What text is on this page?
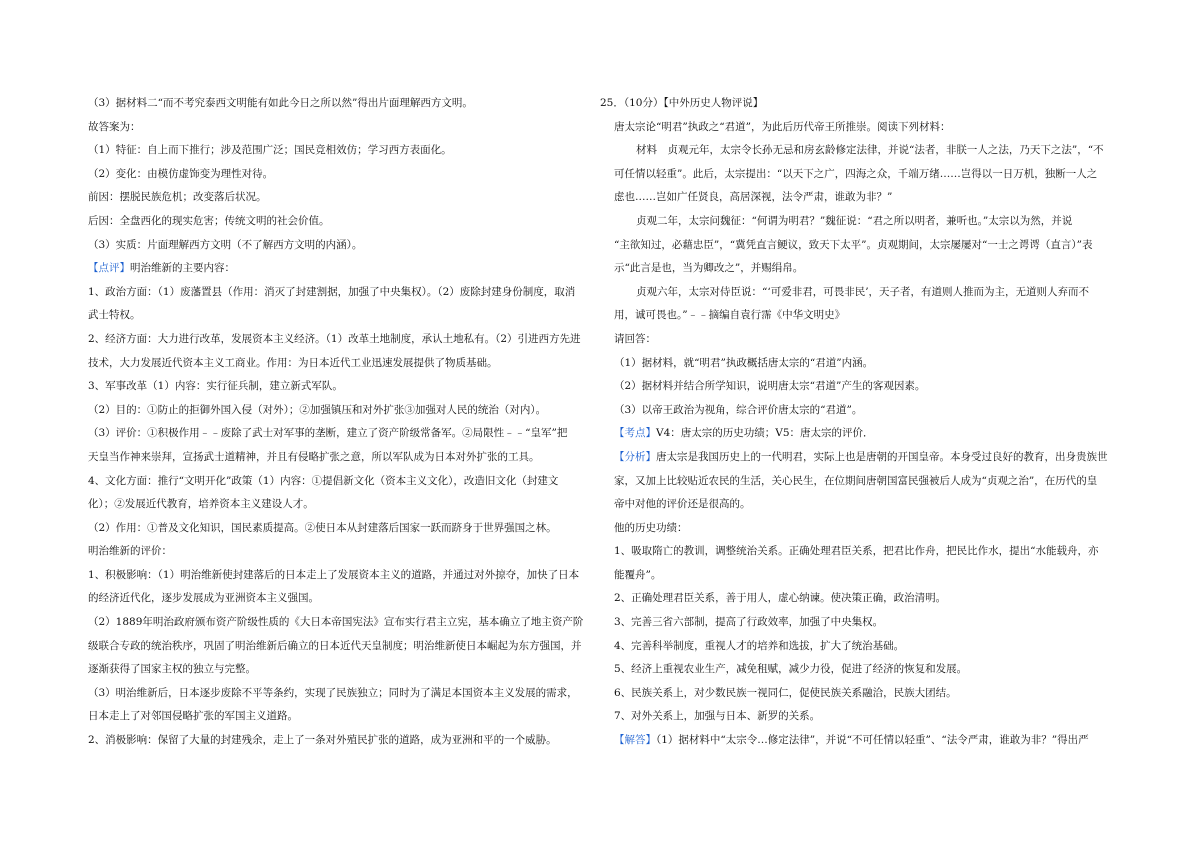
（3）据材料二“而不考究泰西文明能有如此今日之所以然”得出片面理解西方文明。
故答案为：
（1）特征：自上而下推行；涉及范围广泛；国民竞相效仿；学习西方表面化。
（2）变化：由模仿虚饰变为理性对待。
前因：摆脱民族危机；改变落后状况。
后因：全盘西化的现实危害；传统文明的社会价值。
（3）实质：片面理解西方文明（不了解西方文明的内涵）。
【点评】明治维新的主要内容：
1、政治方面：（1）废藩置县（作用：消灭了封建割据，加强了中央集权）。（2）废除封建身份制度，取消
武士特权。
2、经济方面：大力进行改革，发展资本主义经济。（1）改革土地制度，承认土地私有。（2）引进西方先进
技术，大力发展近代资本主义工商业。作用：为日本近代工业迅速发展提供了物质基础。
3、军事改革（1）内容：实行征兵制，建立新式军队。
（2）目的：①防止的拒御外国入侵（对外）；②加强镇压和对外扩张③加强对人民的统治（对内）。
（3）评价：①积极作用﹣﹣废除了武士对军事的垄断，建立了资产阶级常备军。②局限性﹣﹣“皇军”把
天皇当作神来崇拜，宣扬武士道精神，并且有侵略扩张之意，所以军队成为日本对外扩张的工具。
4、文化方面：推行“文明开化”政策（1）内容：①提倡新文化（资本主义文化），改造旧文化（封建文
化）；②发展近代教育，培养资本主义建设人才。
（2）作用：①普及文化知识，国民素质提高。②使日本从封建落后国家一跃而跻身于世界强国之林。
明治维新的评价：
1、积极影响：（1）明治维新使封建落后的日本走上了发展资本主义的道路，并通过对外掠夺，加快了日本
的经济近代化，逐步发展成为亚洲资本主义强国。
（2）1889年明治政府颁布资产阶级性质的《大日本帝国宪法》宣布实行君主立宪，基本确立了地主资产阶
级联合专政的统治秩序，巩固了明治维新后确立的日本近代天皇制度；明治维新使日本崛起为东方强国，并
逐渐获得了国家主权的独立与完整。
（3）明治维新后，日本逐步废除不平等条约，实现了民族独立；同时为了满足本国资本主义发展的需求，
日本走上了对邻国侵略扩张的军国主义道路。
2、消极影响：保留了大量的封建残余，走上了一条对外殖民扩张的道路，成为亚洲和平的一个威胁。
25．（10分）【中外历史人物评说】
唐太宗论“明君”执政之“君道”，为此后历代帝王所推崇。阅读下列材料：
材料　贞观元年，太宗令长孙无忌和房玄龄修定法律，并说“法者，非朕一人之法，乃天下之法”，“不
可任情以轻重”。此后，太宗提出：“以天下之广，四海之众，千端万绪……岂得以一日万机，独断一人之
虑也……岂如广任贤良，高居深视，法令严肃，谁敢为非？”
贞观二年，太宗问魏征：“何谓为明君？”魏征说：“君之所以明者，兼听也。”太宗以为然，并说
“主欲知过，必藉忠臣”，“冀凭直言鲠议，致天下太平”。贞观期间，太宗屡屡对“一士之谔谔（直言）”表
示“此言是也，当为卿改之”，并赐绢帛。
贞观六年，太宗对侍臣说：“‘可爱非君，可畏非民’，天子者，有道则人推而为主，无道则人弃而不
用，诚可畏也。”﹣﹣摘编自袁行霈《中华文明史》
请回答：
（1）据材料，就“明君”执政概括唐太宗的“君道”内涵。
（2）据材料并结合所学知识，说明唐太宗“君道”产生的客观因素。
（3）以帝王政治为视角，综合评价唐太宗的“君道”。
【考点】V4：唐太宗的历史功绩；V5：唐太宗的评价．
【分析】唐太宗是我国历史上的一代明君，实际上也是唐朝的开国皇帝。本身受过良好的教育，出身贵族世
家，又加上比较贴近农民的生活，关心民生，在位期间唐朝国富民强被后人成为“贞观之治”，在历代的皇
帝中对他的评价还是很高的。
他的历史功绩：
1、吸取隋亡的教训，调整统治关系。正确处理君臣关系，把君比作舟，把民比作水，提出“水能载舟，亦
能覆舟”。
2、正确处理君臣关系，善于用人，虚心纳谏。使决策正确，政治清明。
3、完善三省六部制，提高了行政效率，加强了中央集权。
4、完善科举制度，重视人才的培养和选拔，扩大了统治基础。
5、经济上重视农业生产，减免租赋，减少力役，促进了经济的恢复和发展。
6、民族关系上，对少数民族一视同仁，促使民族关系融洽，民族大团结。
7、对外关系上，加强与日本、新罗的关系。
【解答】（1）据材料中“太宗令…修定法律”，并说“不可任情以轻重”、“法令严肃，谁敢为非？”得出严
